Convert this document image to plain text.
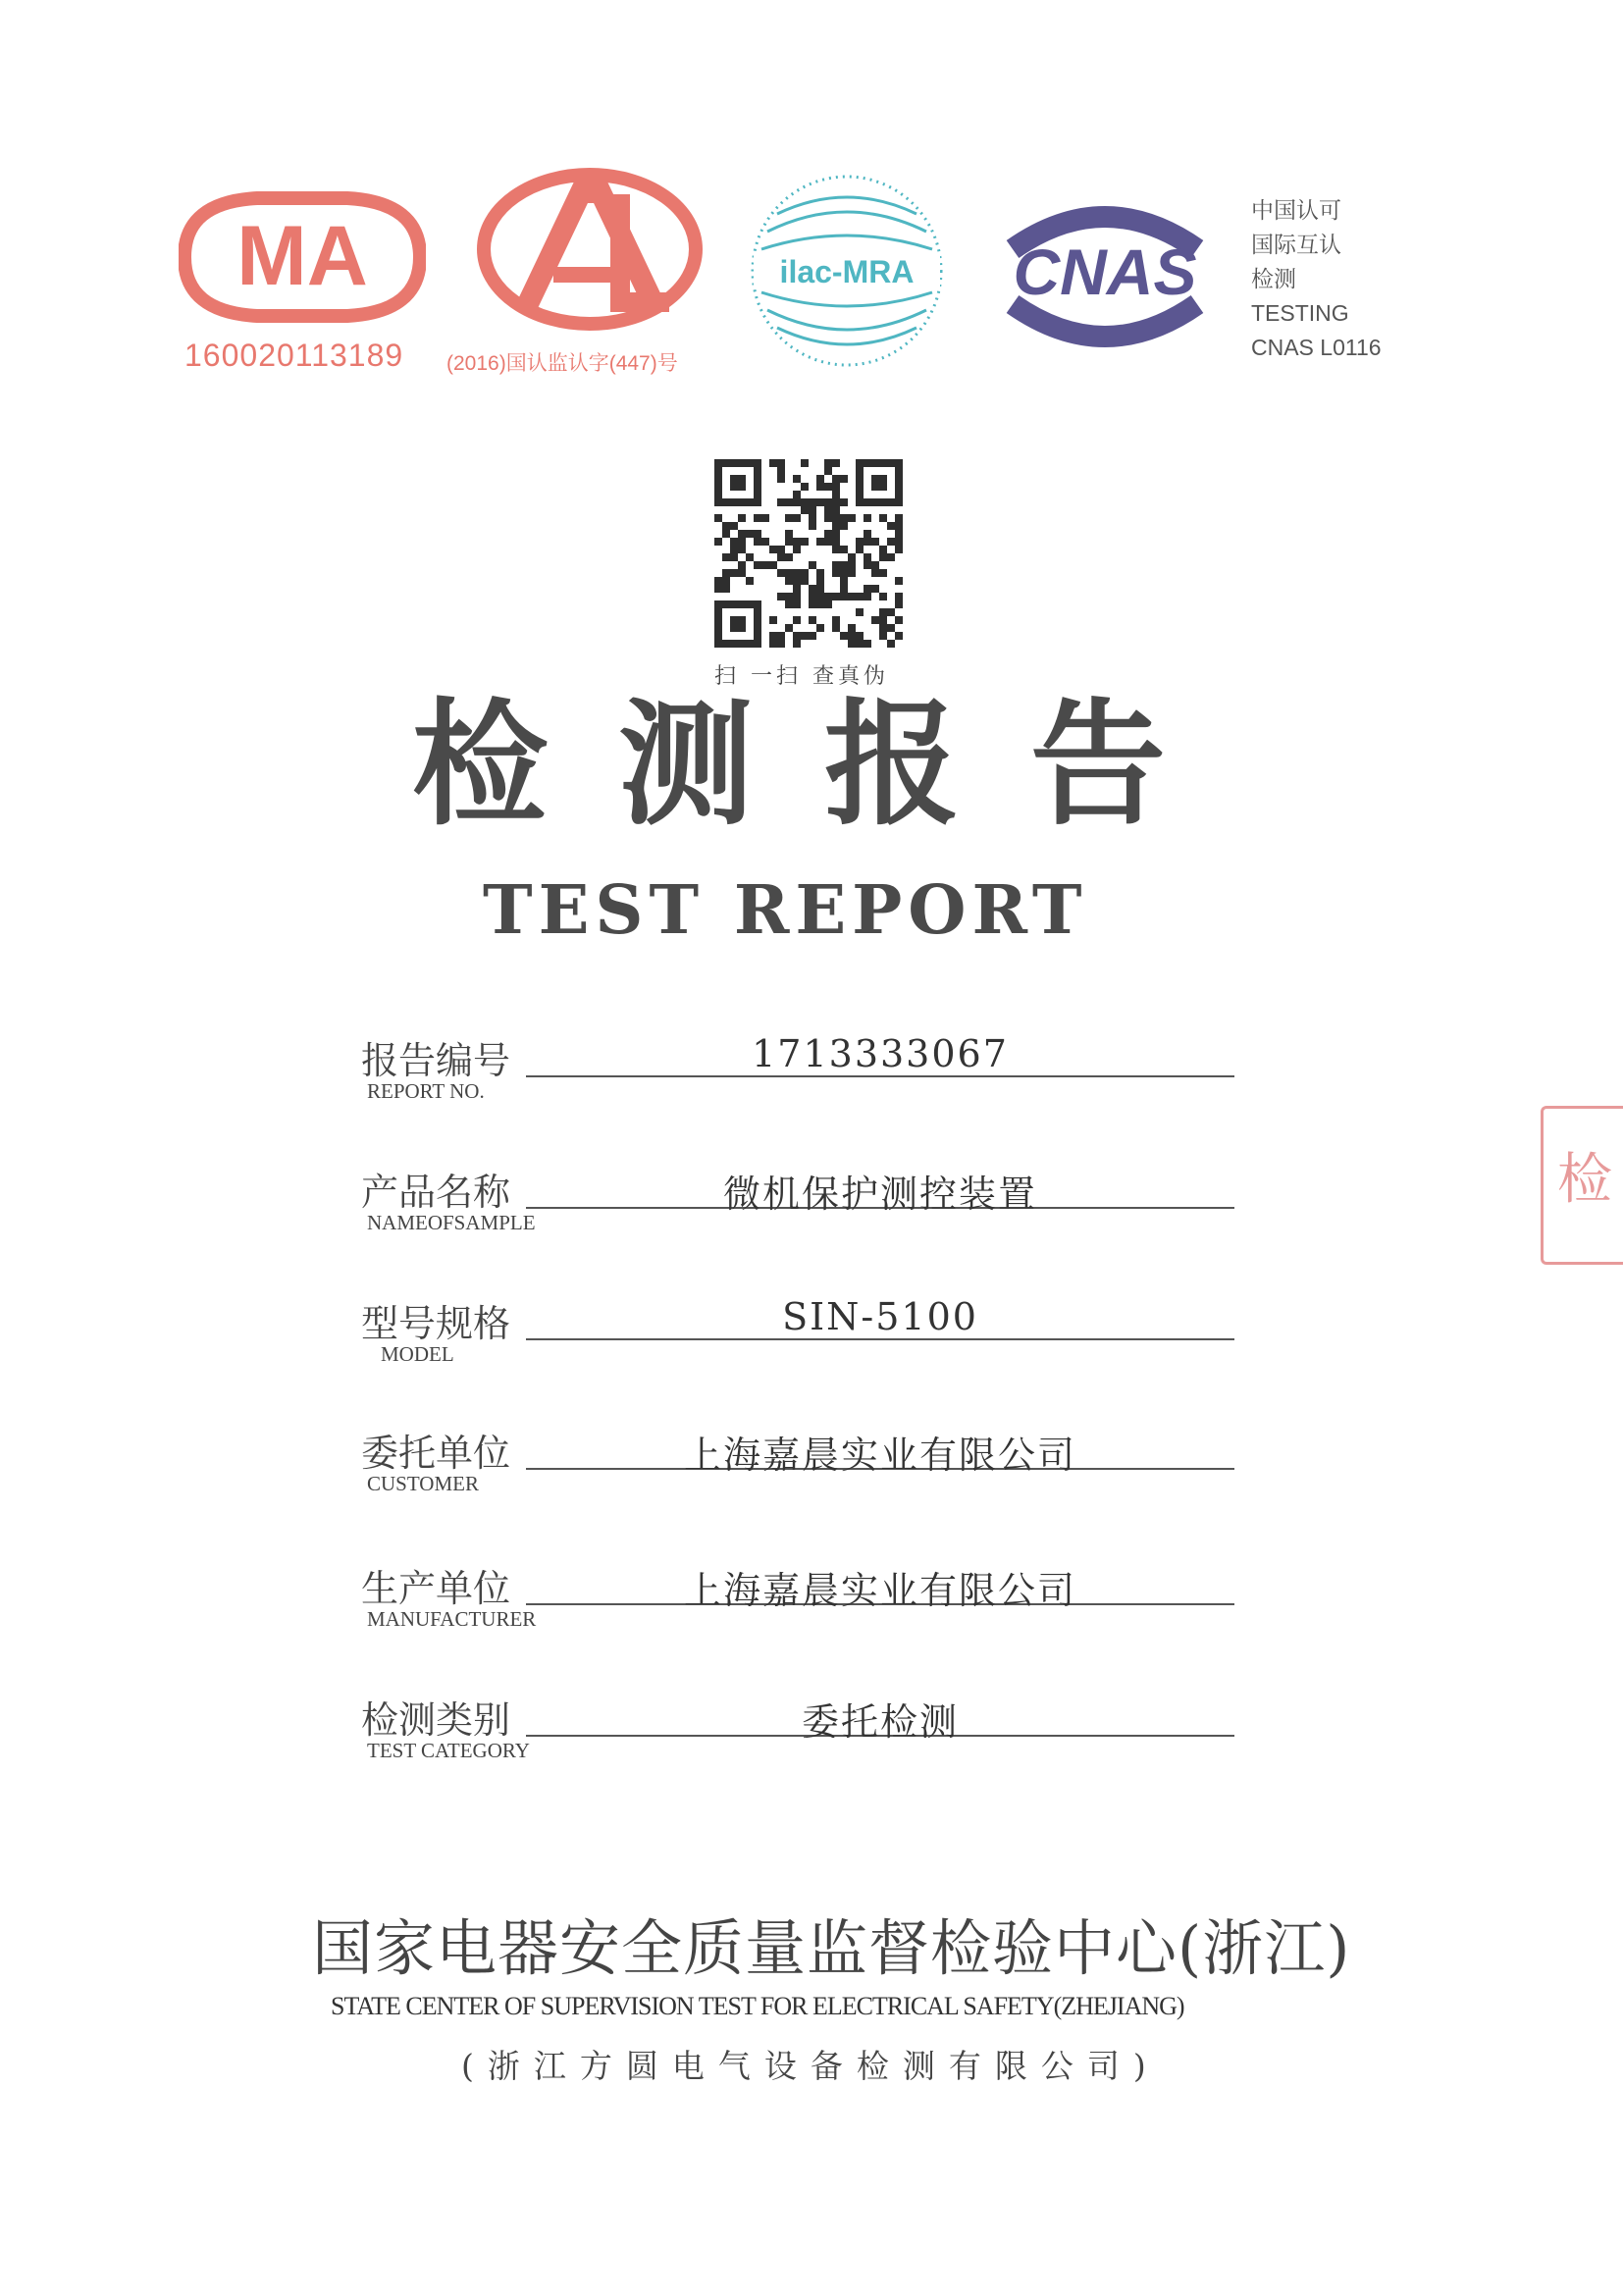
MA
160020113189 (2016)国认监认字(447)号
ilac-MRA CNAS
中国认可
国际互认
检测
TESTING
CNAS L0116
扫 一扫 查真伪
检测报告
TEST REPORT
报告编号
REPORT NO.
1713333067
产品名称
NAMEOFSAMPLE
微机保护测控装置
型号规格
MODEL
SIN-5100
委托单位
CUSTOMER
上海嘉晨实业有限公司
生产单位
MANUFACTURER
上海嘉晨实业有限公司
检测类别
TEST CATEGORY
委托检测
国家电器安全质量监督检验中心(浙江)
STATE CENTER OF SUPERVISION TEST FOR ELECTRICAL SAFETY(ZHEJIANG)
(浙江方圆电气设备检测有限公司)
检
